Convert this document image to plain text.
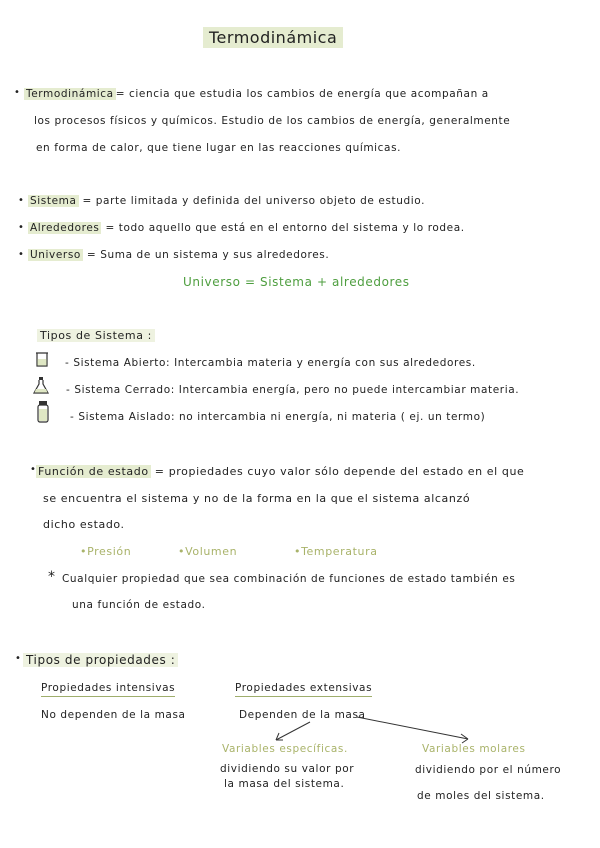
Termodinámica
• Termodinámica = ciencia que estudia los cambios de energía que acompañan a
los procesos físicos y químicos. Estudio de los cambios de energía, generalmente
en forma de calor, que tiene lugar en las reacciones químicas.
• Sistema = parte limitada y definida del universo objeto de estudio.
• Alrededores = todo aquello que está en el entorno del sistema y lo rodea.
• Universo = Suma de un sistema y sus alrededores.
Universo = Sistema + alrededores
Tipos de Sistema :
- Sistema Abierto: Intercambia materia y energía con sus alrededores.
- Sistema Cerrado: Intercambia energía, pero no puede intercambiar materia.
- Sistema Aislado: no intercambia ni energía, ni materia ( ej. un termo)
• Función de estado = propiedades cuyo valor sólo depende del estado en el que
se encuentra el sistema y no de la forma en la que el sistema alcanzó
dicho estado.
•Presión	•Volumen	•Temperatura
* Cualquier propiedad que sea combinación de funciones de estado también es
una función de estado.
• Tipos de propiedades :
Propiedades intensivas
No dependen de la masa
Propiedades extensivas
Dependen de la masa
Variables específicas.
dividiendo su valor por
la masa del sistema.
Variables molares
dividiendo por el número
de moles del sistema.
